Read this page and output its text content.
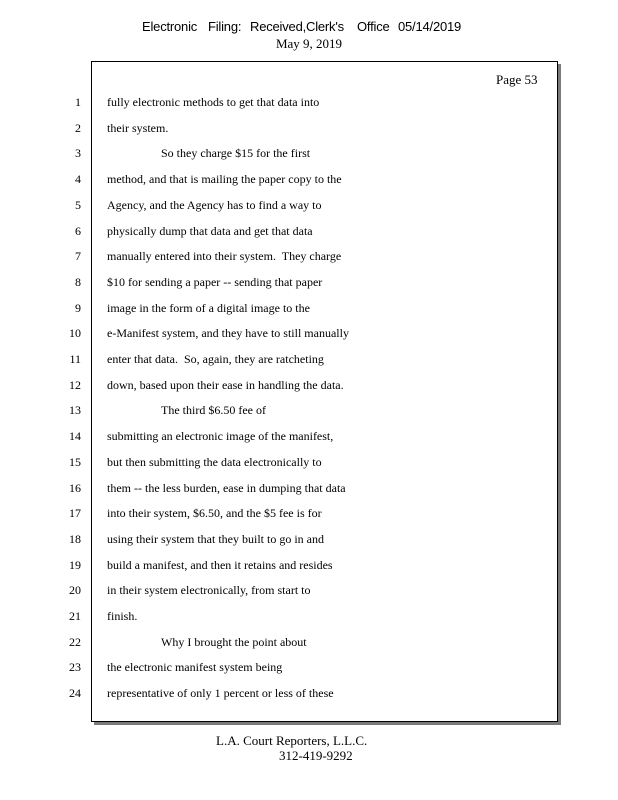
Electronic Filing: Received,Clerk's Office 05/14/2019
May 9, 2019
Page 53
1 fully electronic methods to get that data into
2 their system.
3	So they charge $15 for the first
4 method, and that is mailing the paper copy to the
5 Agency, and the Agency has to find a way to
6 physically dump that data and get that data
7 manually entered into their system.  They charge
8 $10 for sending a paper -- sending that paper
9 image in the form of a digital image to the
10 e-Manifest system, and they have to still manually
11 enter that data.  So, again, they are ratcheting
12 down, based upon their ease in handling the data.
13	The third $6.50 fee of
14 submitting an electronic image of the manifest,
15 but then submitting the data electronically to
16 them -- the less burden, ease in dumping that data
17 into their system, $6.50, and the $5 fee is for
18 using their system that they built to go in and
19 build a manifest, and then it retains and resides
20 in their system electronically, from start to
21 finish.
22	Why I brought the point about
23 the electronic manifest system being
24 representative of only 1 percent or less of these
L.A. Court Reporters, L.L.C.
312-419-9292
